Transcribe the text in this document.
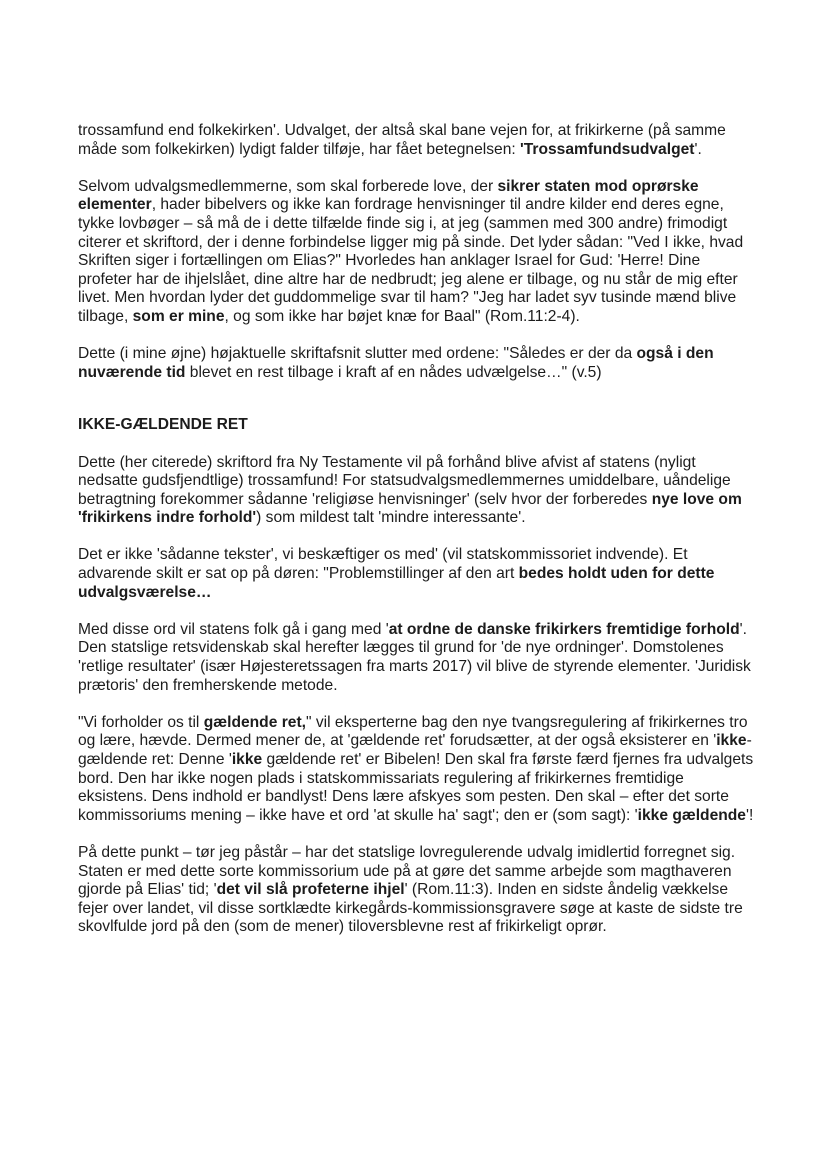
trossamfund end folkekirken'. Udvalget, der altså skal bane vejen for, at frikirkerne (på samme måde som folkekirken) lydigt falder tilføje, har fået betegnelsen: 'Trossamfundsudvalget'.

Selvom udvalgsmedlemmerne, som skal forberede love, der sikrer staten mod oprørske elementer, hader bibelvers og ikke kan fordrage henvisninger til andre kilder end deres egne, tykke lovbøger – så må de i dette tilfælde finde sig i, at jeg (sammen med 300 andre) frimodigt citerer et skriftord, der i denne forbindelse ligger mig på sinde. Det lyder sådan: "Ved I ikke, hvad Skriften siger i fortællingen om Elias?" Hvorledes han anklager Israel for Gud: 'Herre! Dine profeter har de ihjelslået, dine altre har de nedbrudt; jeg alene er tilbage, og nu står de mig efter livet. Men hvordan lyder det guddommelige svar til ham? "Jeg har ladet syv tusinde mænd blive tilbage, som er mine, og som ikke har bøjet knæ for Baal" (Rom.11:2-4).

Dette (i mine øjne) højaktuelle skriftafsnit slutter med ordene: "Således er der da også i den nuværende tid blevet en rest tilbage i kraft af en nådes udvælgelse…" (v.5)

IKKE-GÆLDENDE RET

Dette (her citerede) skriftord fra Ny Testamente vil på forhånd blive afvist af statens (nyligt nedsatte gudsfjendtlige) trossamfund! For statsudvalgsmedlemmernes umiddelbare, uåndelige betragtning forekommer sådanne 'religiøse henvisninger' (selv hvor der forberedes nye love om 'frikirkens indre forhold') som mildest talt 'mindre interessante'.

Det er ikke 'sådanne tekster', vi beskæftiger os med' (vil statskommissoriet indvende). Et advarende skilt er sat op på døren: "Problemstillinger af den art bedes holdt uden for dette udvalgsværelse…

Med disse ord vil statens folk gå i gang med 'at ordne de danske frikirkers fremtidige forhold'. Den statslige retsvidenskab skal herefter lægges til grund for 'de nye ordninger'. Domstolenes 'retlige resultater' (især Højesteretssagen fra marts 2017) vil blive de styrende elementer. 'Juridisk prætoris' den fremherskende metode.

"Vi forholder os til gældende ret," vil eksperterne bag den nye tvangsregulering af frikirkernes tro og lære, hævde. Dermed mener de, at 'gældende ret' forudsætter, at der også eksisterer en 'ikke-gældende ret: Denne 'ikke gældende ret' er Bibelen! Den skal fra første færd fjernes fra udvalgets bord. Den har ikke nogen plads i statskommissariats regulering af frikirkernes fremtidige eksistens. Dens indhold er bandlyst! Dens lære afskyes som pesten. Den skal – efter det sorte kommissoriums mening – ikke have et ord 'at skulle ha' sagt'; den er (som sagt): 'ikke gældende'!

På dette punkt – tør jeg påstår – har det statslige lovregulerende udvalg imidlertid forregnet sig. Staten er med dette sorte kommissorium ude på at gøre det samme arbejde som magthaveren gjorde på Elias' tid; 'det vil slå profeterne ihjel' (Rom.11:3). Inden en sidste åndelig vækkelse fejer over landet, vil disse sortklædte kirkegårds-kommissionsgravere søge at kaste de sidste tre skovlfulde jord på den (som de mener) tiloversblevne rest af frikirkeligt oprør.
